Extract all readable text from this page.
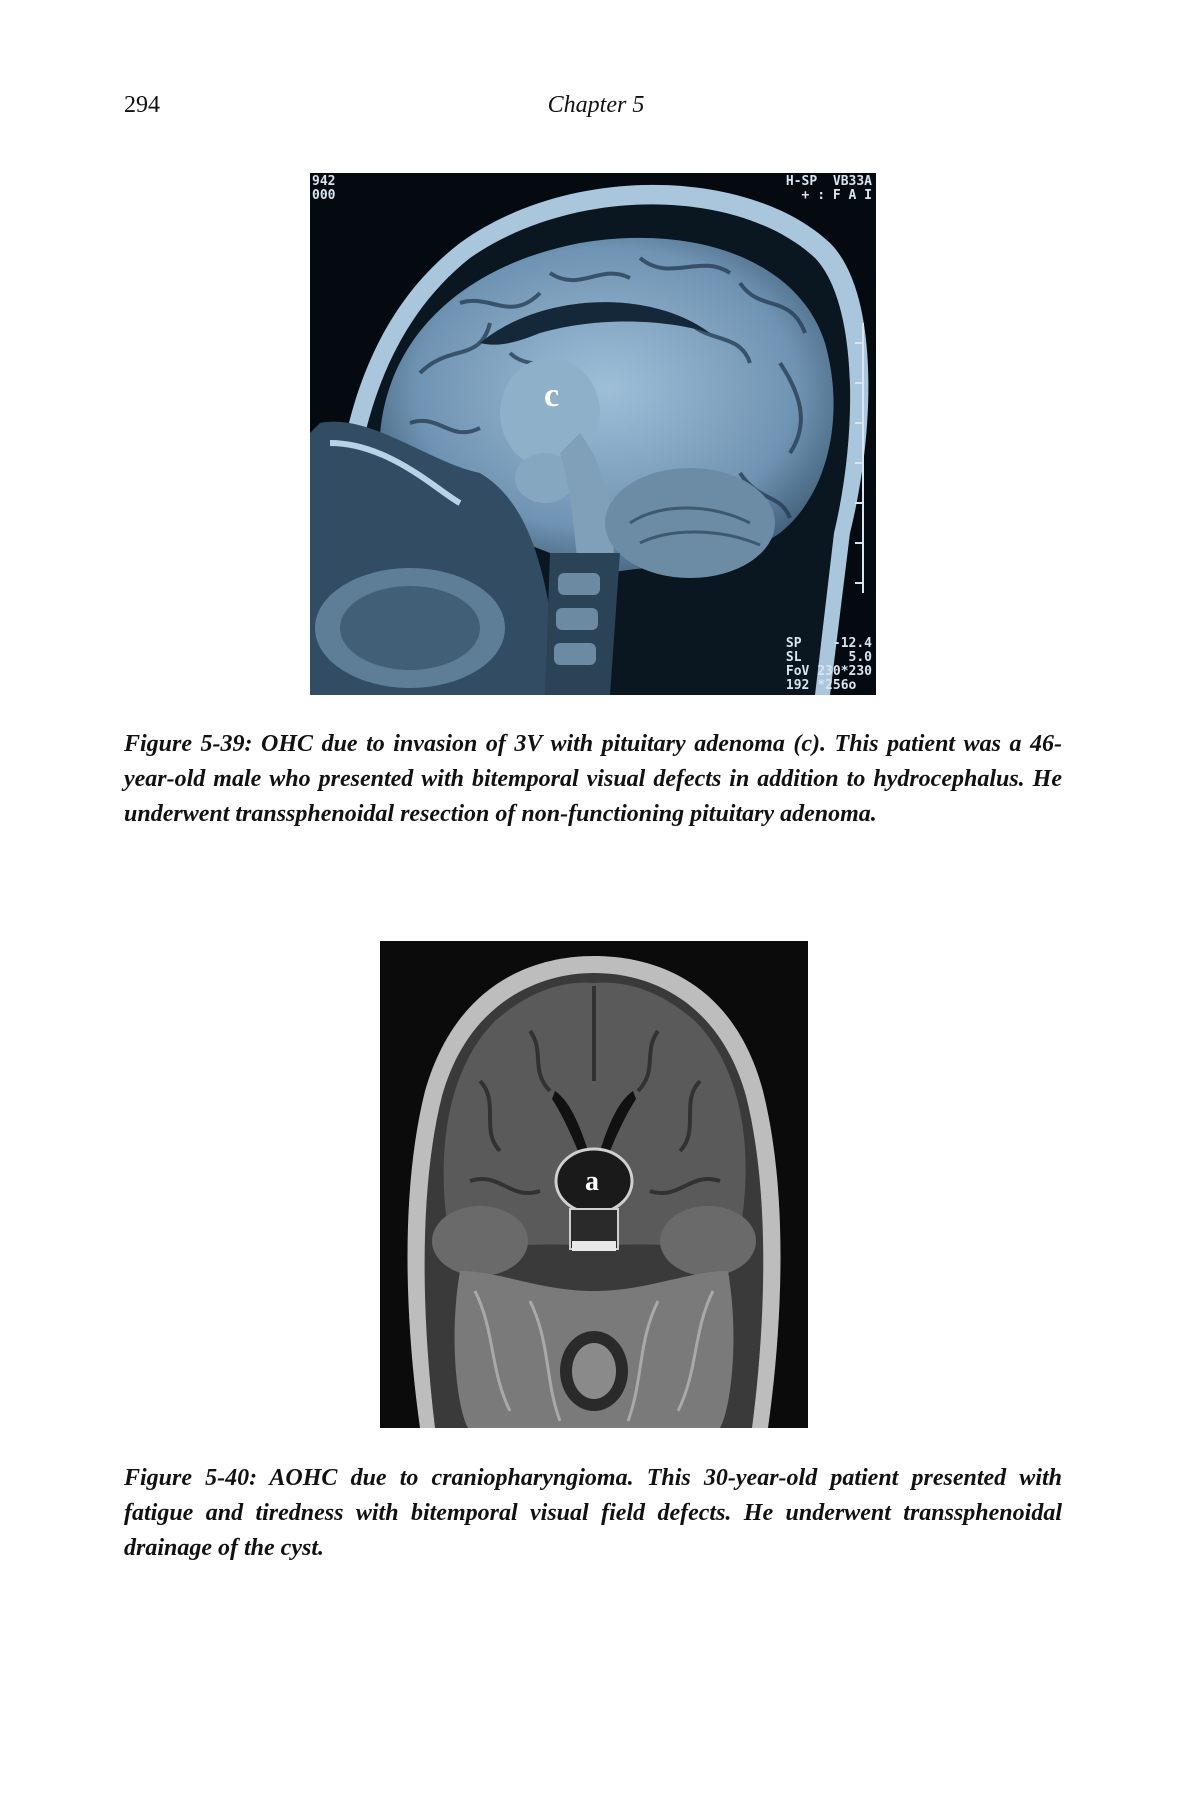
294	Chapter 5
942
000
H-SP  VB33A
+ : F A I
SP    -12.4
SL      5.0
FoV 230*230
192 *256o
c

Figure 5-39: OHC due to invasion of 3V with pituitary adenoma (c). This patient was a 46-year-old male who presented with bitemporal visual defects in addition to hydrocephalus. He underwent transsphenoidal resection of non-functioning pituitary adenoma.

a

Figure 5-40: AOHC due to craniopharyngioma. This 30-year-old patient presented with fatigue and tiredness with bitemporal visual field defects. He underwent transsphenoidal drainage of the cyst.
